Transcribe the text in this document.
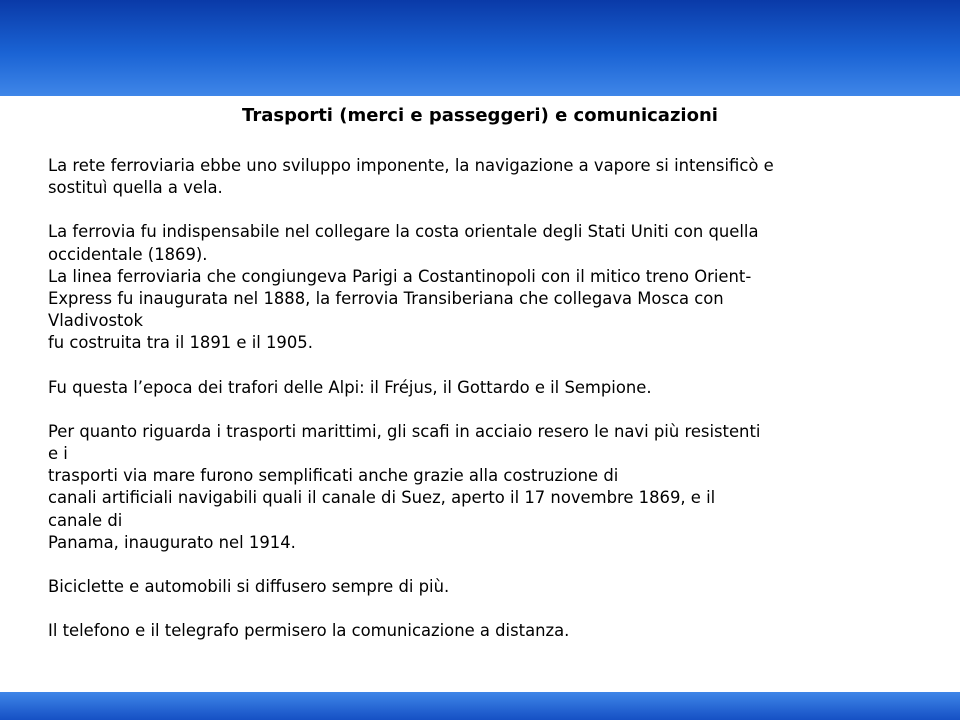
Trasporti (merci e passeggeri) e comunicazioni

La rete ferroviaria ebbe uno sviluppo imponente, la navigazione a vapore si intensificò e
sostituì quella a vela.

La ferrovia fu indispensabile nel collegare la costa orientale degli Stati Uniti con quella
occidentale (1869).
La linea ferroviaria che congiungeva Parigi a Costantinopoli con il mitico treno Orient-
Express fu inaugurata nel 1888, la ferrovia Transiberiana che collegava Mosca con
Vladivostok
fu costruita tra il 1891 e il 1905.

Fu questa l’epoca dei trafori delle Alpi: il Fréjus, il Gottardo e il Sempione.

Per quanto riguarda i trasporti marittimi, gli scafi in acciaio resero le navi più resistenti
e i
trasporti via mare furono semplificati anche grazie alla costruzione di
canali artificiali navigabili quali il canale di Suez, aperto il 17 novembre 1869, e il
canale di
Panama, inaugurato nel 1914.

Biciclette e automobili si diffusero sempre di più.

Il telefono e il telegrafo permisero la comunicazione a distanza.
